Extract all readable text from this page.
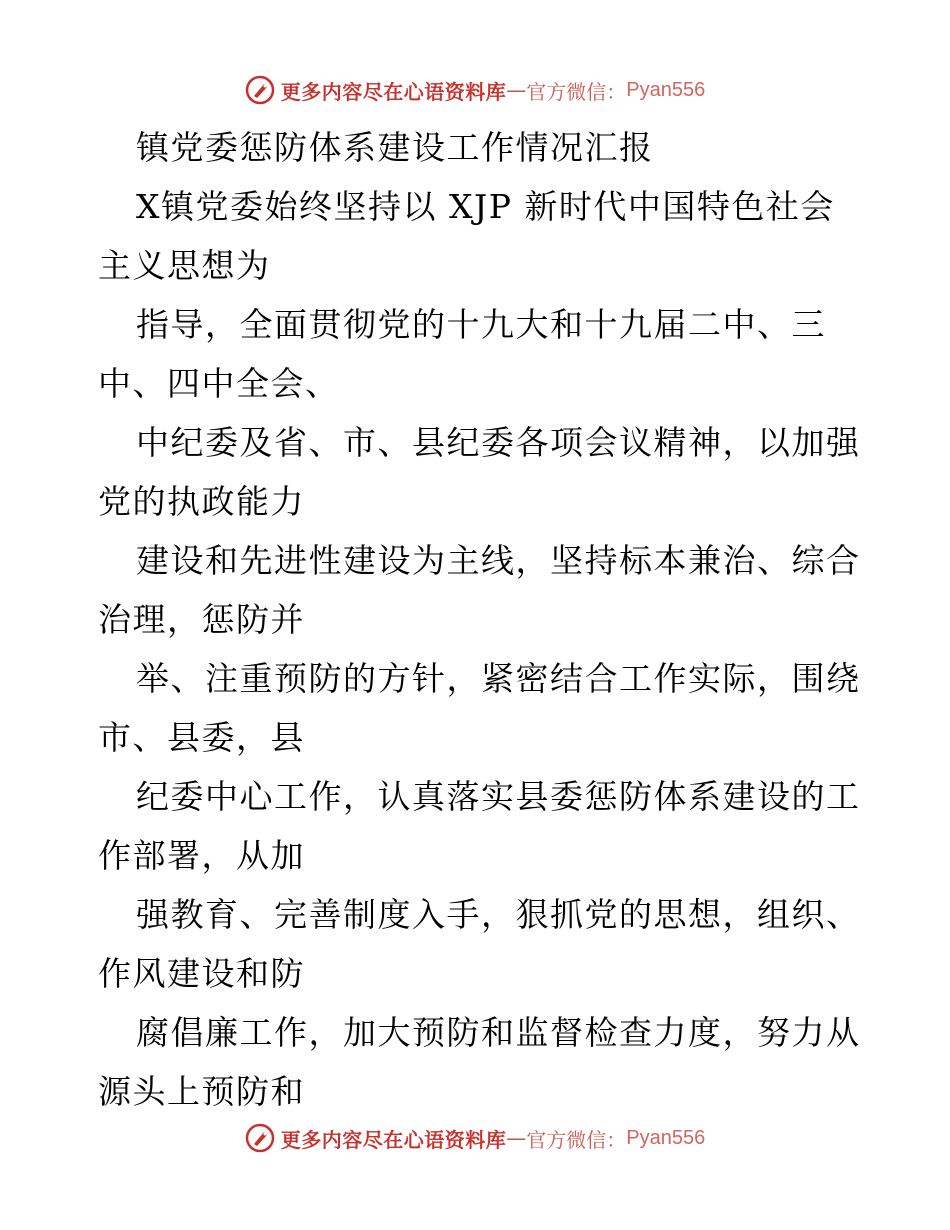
更多内容尽在心语资料库 — 官方微信： Pyan556
镇党委惩防体系建设工作情况汇报
X镇党委始终坚持以 XJP 新时代中国特色社会
主义思想为
指导，全面贯彻党的十九大和十九届二中、三
中、四中全会、
中纪委及省、市、县纪委各项会议精神，以加强
党的执政能力
建设和先进性建设为主线，坚持标本兼治、综合
治理，惩防并
举、注重预防的方针，紧密结合工作实际，围绕
市、县委，县
纪委中心工作，认真落实县委惩防体系建设的工
作部署，从加
强教育、完善制度入手，狠抓党的思想，组织、
作风建设和防
腐倡廉工作，加大预防和监督检查力度，努力从
源头上预防和
更多内容尽在心语资料库 — 官方微信： Pyan556
